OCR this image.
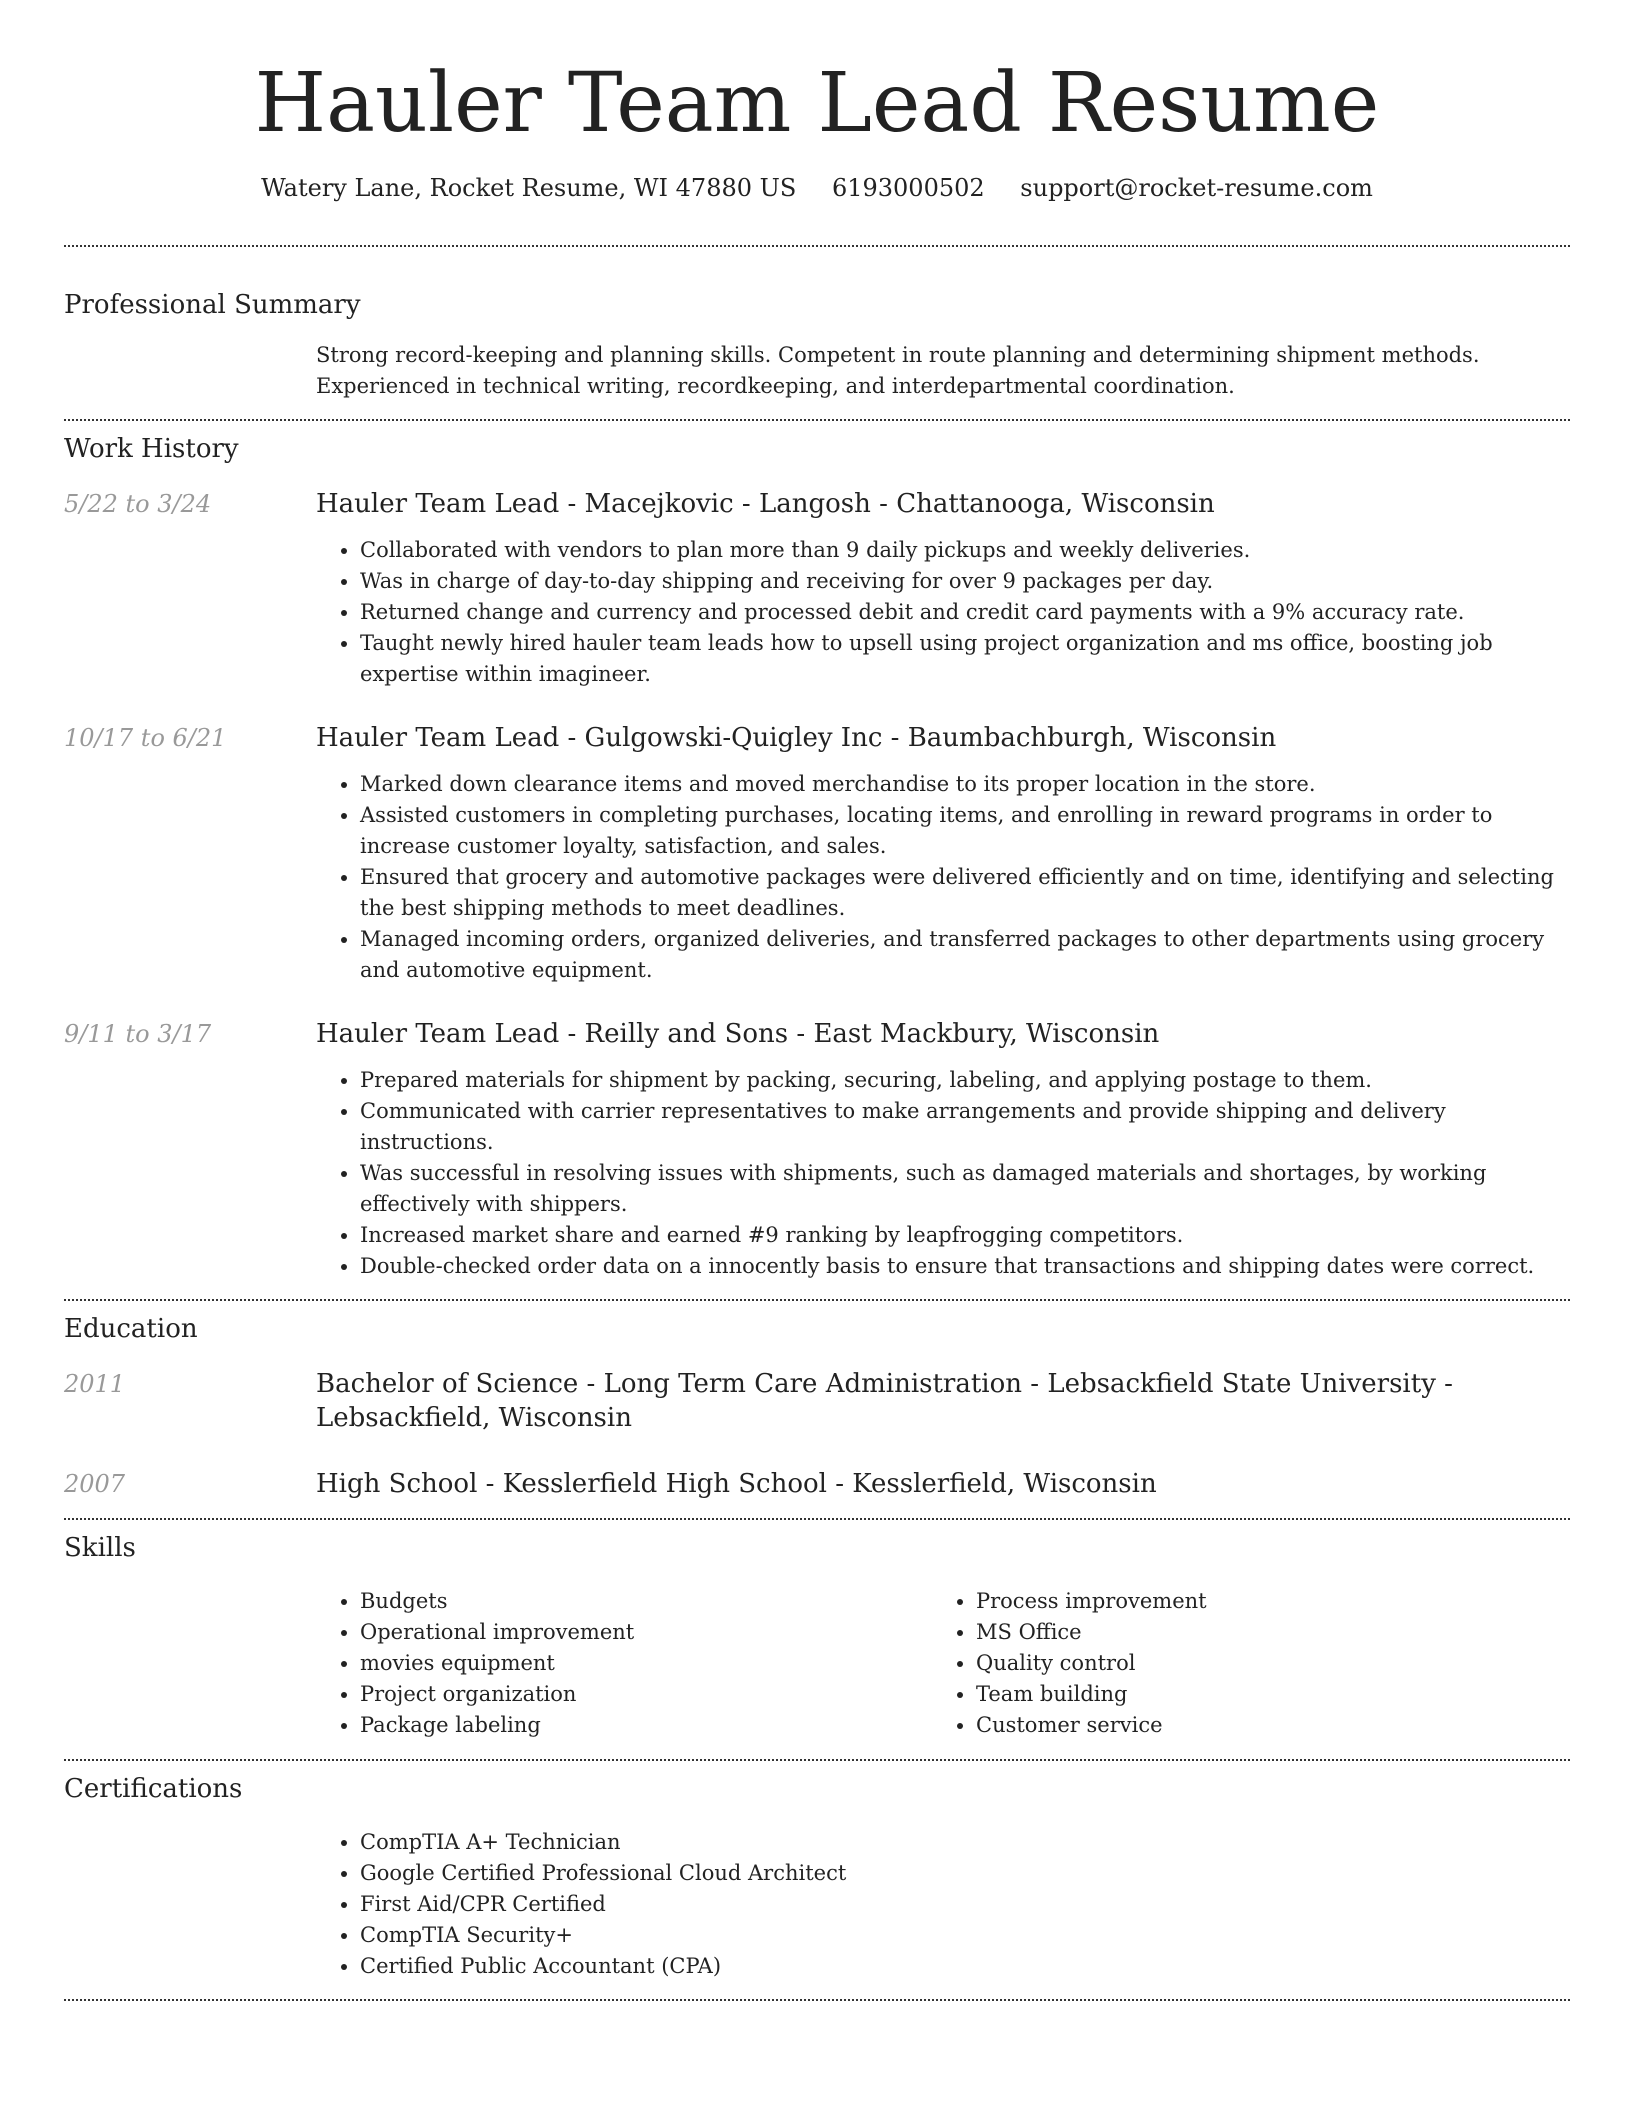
Hauler Team Lead Resume
Watery Lane, Rocket Resume, WI 47880 US 6193000502 support@rocket-resume.com
Professional Summary
Strong record-keeping and planning skills. Competent in route planning and determining shipment methods. Experienced in technical writing, recordkeeping, and interdepartmental coordination.
Work History
5/22 to 3/24	Hauler Team Lead - Macejkovic - Langosh - Chattanooga, Wisconsin
• Collaborated with vendors to plan more than 9 daily pickups and weekly deliveries.
• Was in charge of day-to-day shipping and receiving for over 9 packages per day.
• Returned change and currency and processed debit and credit card payments with a 9% accuracy rate.
• Taught newly hired hauler team leads how to upsell using project organization and ms office, boosting job expertise within imagineer.
10/17 to 6/21	Hauler Team Lead - Gulgowski-Quigley Inc - Baumbachburgh, Wisconsin
• Marked down clearance items and moved merchandise to its proper location in the store.
• Assisted customers in completing purchases, locating items, and enrolling in reward programs in order to increase customer loyalty, satisfaction, and sales.
• Ensured that grocery and automotive packages were delivered efficiently and on time, identifying and selecting the best shipping methods to meet deadlines.
• Managed incoming orders, organized deliveries, and transferred packages to other departments using grocery and automotive equipment.
9/11 to 3/17	Hauler Team Lead - Reilly and Sons - East Mackbury, Wisconsin
• Prepared materials for shipment by packing, securing, labeling, and applying postage to them.
• Communicated with carrier representatives to make arrangements and provide shipping and delivery instructions.
• Was successful in resolving issues with shipments, such as damaged materials and shortages, by working effectively with shippers.
• Increased market share and earned #9 ranking by leapfrogging competitors.
• Double-checked order data on a innocently basis to ensure that transactions and shipping dates were correct.
Education
2011	Bachelor of Science - Long Term Care Administration - Lebsackfield State University - Lebsackfield, Wisconsin
2007	High School - Kesslerfield High School - Kesslerfield, Wisconsin
Skills
• Budgets
• Operational improvement
• movies equipment
• Project organization
• Package labeling
• Process improvement
• MS Office
• Quality control
• Team building
• Customer service
Certifications
• CompTIA A+ Technician
• Google Certified Professional Cloud Architect
• First Aid/CPR Certified
• CompTIA Security+
• Certified Public Accountant (CPA)
